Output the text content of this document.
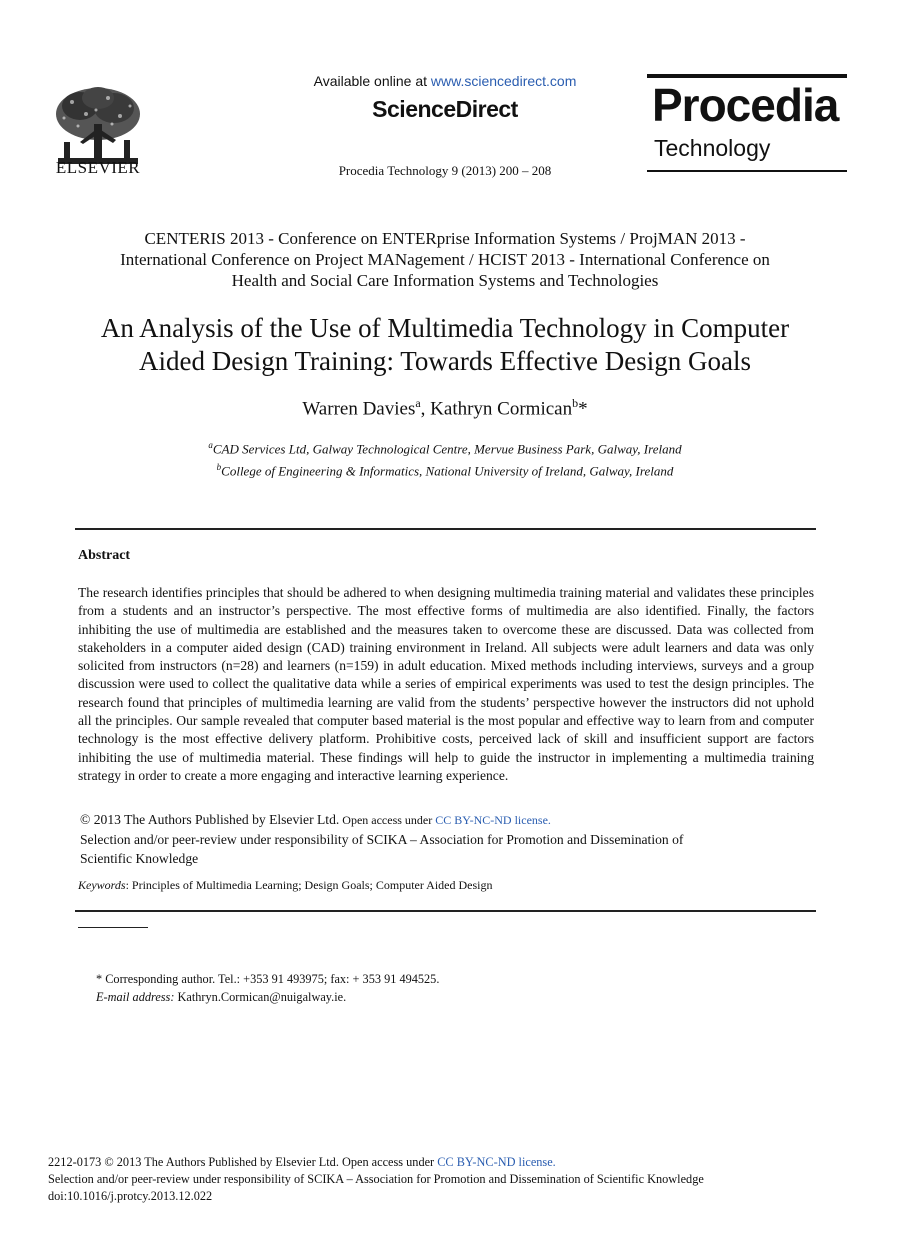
ELSEVIER
Available online at www.sciencedirect.com
ScienceDirect
Procedia Technology 9 (2013) 200 – 208
Procedia
Technology
CENTERIS 2013 - Conference on ENTERprise Information Systems / ProjMAN 2013 -
International Conference on Project MANagement / HCIST 2013 - International Conference on
Health and Social Care Information Systems and Technologies
An Analysis of the Use of Multimedia Technology in Computer
Aided Design Training: Towards Effective Design Goals
Warren Davies$^a$, Kathryn Cormican$^b$*
$^a$CAD Services Ltd, Galway Technological Centre, Mervue Business Park, Galway, Ireland
$^b$College of Engineering & Informatics, National University of Ireland, Galway, Ireland
Abstract
The research identifies principles that should be adhered to when designing multimedia training material and validates these principles from a students and an instructor’s perspective. The most effective forms of multimedia are also identified. Finally, the factors inhibiting the use of multimedia are established and the measures taken to overcome these are discussed. Data was collected from stakeholders in a computer aided design (CAD) training environment in Ireland. All subjects were adult learners and data was only solicited from instructors (n=28) and learners (n=159) in adult education. Mixed methods including interviews, surveys and a group discussion were used to collect the qualitative data while a series of empirical experiments was used to test the design principles. The research found that principles of multimedia learning are valid from the students’ perspective however the instructors did not uphold all the principles. Our sample revealed that computer based material is the most popular and effective way to learn from and computer technology is the most effective delivery platform. Prohibitive costs, perceived lack of skill and insufficient support are factors inhibiting the use of multimedia material. These findings will help to guide the instructor in implementing a multimedia training strategy in order to create a more engaging and interactive learning experience.
© 2013 The Authors Published by Elsevier Ltd. Open access under CC BY-NC-ND license.
Selection and/or peer-review under responsibility of SCIKA – Association for Promotion and Dissemination of
Scientific Knowledge
Keywords: Principles of Multimedia Learning; Design Goals; Computer Aided Design
* Corresponding author. Tel.: +353 91 493975; fax: + 353 91 494525.
E-mail address: Kathryn.Cormican@nuigalway.ie.
2212-0173 © 2013 The Authors Published by Elsevier Ltd. Open access under CC BY-NC-ND license.
Selection and/or peer-review under responsibility of SCIKA – Association for Promotion and Dissemination of Scientific Knowledge
doi:10.1016/j.protcy.2013.12.022
